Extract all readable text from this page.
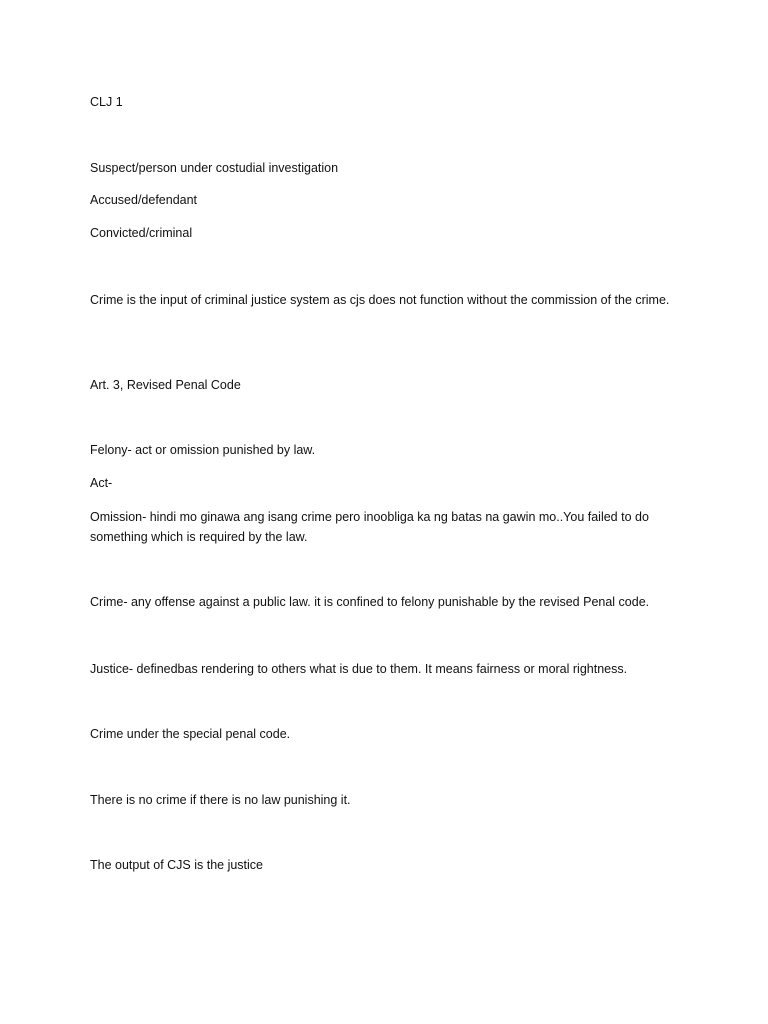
CLJ 1
Suspect/person under costudial investigation
Accused/defendant
Convicted/criminal
Crime is the input of criminal justice system as cjs does not function without the commission of the crime.
Art. 3, Revised Penal Code
Felony- act or omission punished by law.
Act-
Omission- hindi mo ginawa ang isang crime pero inoobliga ka ng batas na gawin mo..You failed to do something which is required by the law.
Crime- any offense against a public law. it is confined to felony punishable by the revised Penal code.
Justice- definedbas rendering to others what is due to them. It means fairness or moral rightness.
Crime under the special penal code.
There is no crime if there is no law punishing it.
The output of CJS is the justice
